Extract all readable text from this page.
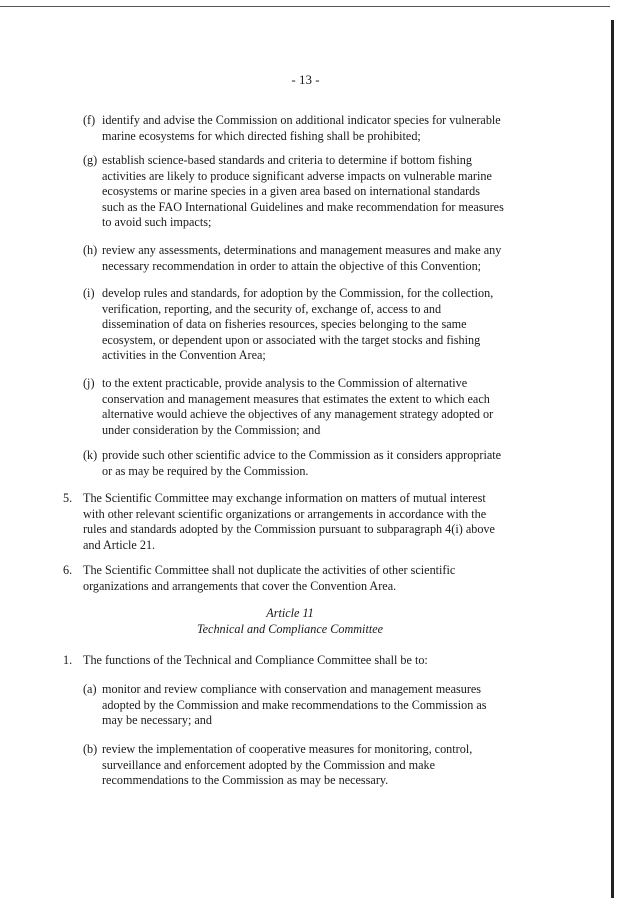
- 13 -
(f) identify and advise the Commission on additional indicator species for vulnerable
marine ecosystems for which directed fishing shall be prohibited;
(g) establish science-based standards and criteria to determine if bottom fishing
activities are likely to produce significant adverse impacts on vulnerable marine
ecosystems or marine species in a given area based on international standards
such as the FAO International Guidelines and make recommendation for measures
to avoid such impacts;
(h) review any assessments, determinations and management measures and make any
necessary recommendation in order to attain the objective of this Convention;
(i) develop rules and standards, for adoption by the Commission, for the collection,
verification, reporting, and the security of, exchange of, access to and
dissemination of data on fisheries resources, species belonging to the same
ecosystem, or dependent upon or associated with the target stocks and fishing
activities in the Convention Area;
(j) to the extent practicable, provide analysis to the Commission of alternative
conservation and management measures that estimates the extent to which each
alternative would achieve the objectives of any management strategy adopted or
under consideration by the Commission; and
(k) provide such other scientific advice to the Commission as it considers appropriate
or as may be required by the Commission.
5. The Scientific Committee may exchange information on matters of mutual interest
with other relevant scientific organizations or arrangements in accordance with the
rules and standards adopted by the Commission pursuant to subparagraph 4(i) above
and Article 21.
6. The Scientific Committee shall not duplicate the activities of other scientific
organizations and arrangements that cover the Convention Area.
Article 11
Technical and Compliance Committee
1. The functions of the Technical and Compliance Committee shall be to:
(a) monitor and review compliance with conservation and management measures
adopted by the Commission and make recommendations to the Commission as
may be necessary; and
(b) review the implementation of cooperative measures for monitoring, control,
surveillance and enforcement adopted by the Commission and make
recommendations to the Commission as may be necessary.
